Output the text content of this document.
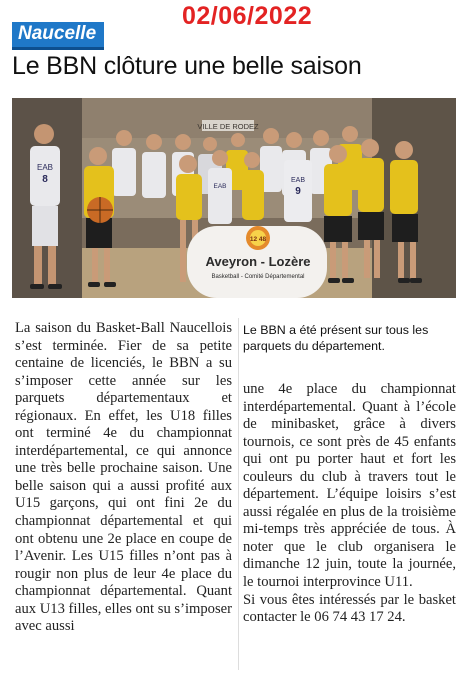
Naucelle
02/06/2022
Le BBN clôture une belle saison
VILLE DE RODEZ
EAB
8	EAB
9
EAB
12 48
Aveyron - Lozère
Basketball - Comité Départemental

La saison du Basket-Ball Naucellois s’est terminée. Fier de sa petite centaine de licenciés, le BBN a su s’imposer cette année sur les parquets départementaux et régionaux. En effet, les U18 filles ont terminé 4e du championnat interdépartemental, ce qui annonce une très belle prochaine saison. Une belle saison qui a aussi profité aux U15 garçons, qui ont fini 2e du championnat départemental et qui ont obtenu une 2e place en coupe de l’Avenir. Les U15 filles n’ont pas à rougir non plus de leur 4e place du championnat départemental. Quant aux U13 filles, elles ont su s’imposer avec aussi

Le BBN a été présent sur tous les parquets du département.

une 4e place du championnat interdépartemental. Quant à l’école de minibasket, grâce à divers tournois, ce sont près de 45 enfants qui ont pu porter haut et fort les couleurs du club à travers tout le département. L’équipe loisirs s’est aussi régalée en plus de la troisième mi-temps très appréciée de tous. À noter que le club organisera le dimanche 12 juin, toute la journée, le tournoi interprovince U11.

Si vous êtes intéressés par le basket contacter le 06 74 43 17 24.
